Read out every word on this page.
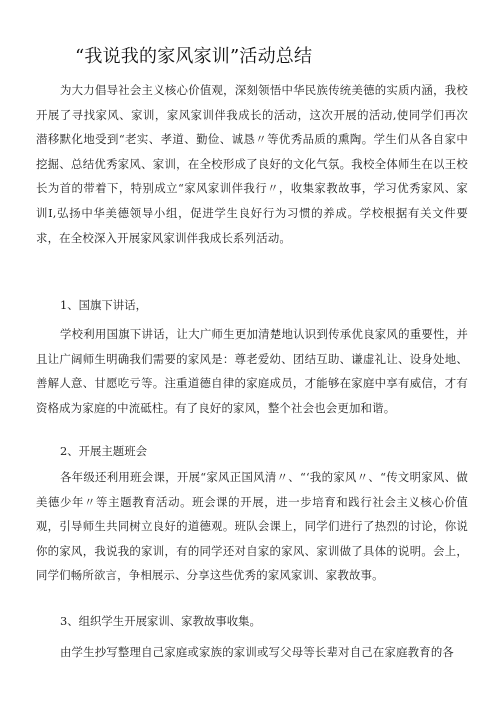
“我说我的家风家训”活动总结

为大力倡导社会主义核心价值观，深刻领悟中华民族传统美德的实质内涵，我校开展了寻找家风、家训，家风家训伴我成长的活动，这次开展的活动,使同学们再次潜移默化地受到“老实、孝道、勤俭、诚恳〃等优秀品质的熏陶。学生们从各自家中挖掘、总结优秀家风、家训，在全校形成了良好的文化气氛。我校全体师生在以王校长为首的带着下，特别成立“家风家训伴我行〃，收集家教故事，学习优秀家风、家训I,弘扬中华美德领导小组，促进学生良好行为习惯的养成。学校根据有关文件要求，在全校深入开展家风家训伴我成长系列活动。

1、国旗下讲话，

学校利用国旗下讲话，让大广师生更加清楚地认识到传承优良家风的重要性，并且让广阔师生明确我们需要的家风是：尊老爱幼、团结互助、谦虚礼让、设身处地、善解人意、甘愿吃亏等。注重道德自律的家庭成员，才能够在家庭中享有威信，才有资格成为家庭的中流砥柱。有了良好的家风，整个社会也会更加和谐。

2、开展主题班会

各年级还利用班会课，开展“家风正国风清〃、“‘我的家风〃、“传文明家风、做美德少年〃等主题教育活动。班会课的开展，进一步培育和践行社会主义核心价值观，引导师生共同树立良好的道德观。班队会课上，同学们进行了热烈的讨论，你说你的家风，我说我的家训，有的同学还对自家的家风、家训做了具体的说明。会上，同学们畅所欲言，争相展示、分享这些优秀的家风家训、家教故事。

3、组织学生开展家训、家教故事收集。

由学生抄写整理自己家庭或家族的家训或写父母等长辈对自己在家庭教育的各
